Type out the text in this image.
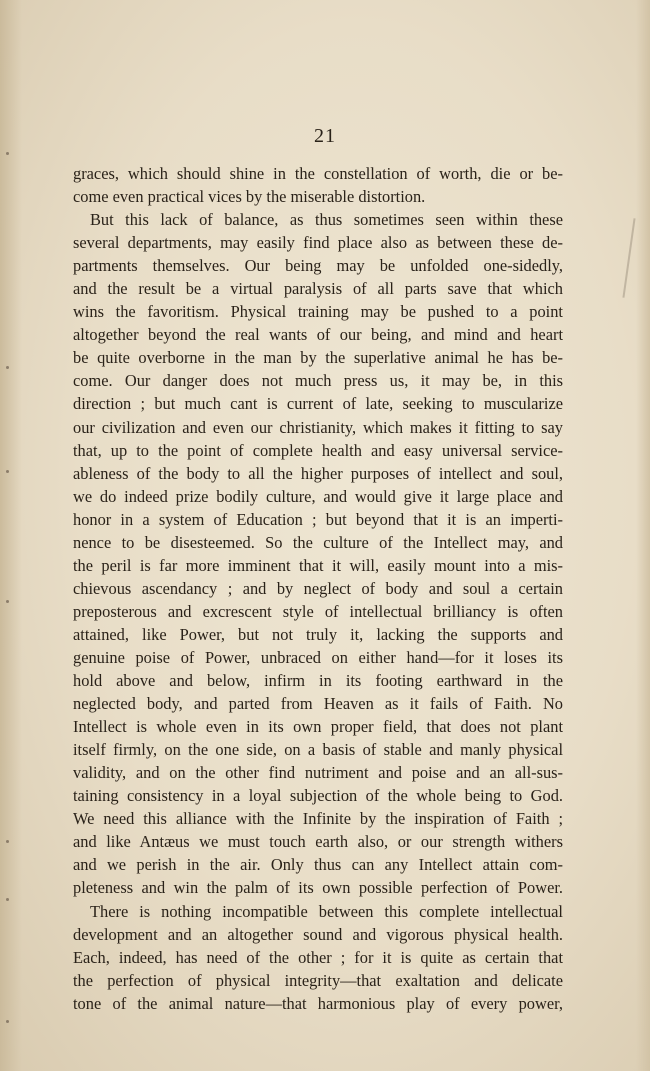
21
graces, which should shine in the constellation of worth, die or be-
come even practical vices by the miserable distortion.
But this lack of balance, as thus sometimes seen within these
several departments, may easily find place also as between these de-
partments themselves. Our being may be unfolded one-sidedly,
and the result be a virtual paralysis of all parts save that which
wins the favoritism. Physical training may be pushed to a point
altogether beyond the real wants of our being, and mind and heart
be quite overborne in the man by the superlative animal he has be-
come. Our danger does not much press us, it may be, in this
direction ; but much cant is current of late, seeking to muscularize
our civilization and even our christianity, which makes it fitting to say
that, up to the point of complete health and easy universal service-
ableness of the body to all the higher purposes of intellect and soul,
we do indeed prize bodily culture, and would give it large place and
honor in a system of Education ; but beyond that it is an imperti-
nence to be disesteemed. So the culture of the Intellect may, and
the peril is far more imminent that it will, easily mount into a mis-
chievous ascendancy ; and by neglect of body and soul a certain
preposterous and excrescent style of intellectual brilliancy is often
attained, like Power, but not truly it, lacking the supports and
genuine poise of Power, unbraced on either hand—for it loses its
hold above and below, infirm in its footing earthward in the
neglected body, and parted from Heaven as it fails of Faith. No
Intellect is whole even in its own proper field, that does not plant
itself firmly, on the one side, on a basis of stable and manly physical
validity, and on the other find nutriment and poise and an all-sus-
taining consistency in a loyal subjection of the whole being to God.
We need this alliance with the Infinite by the inspiration of Faith ;
and like Antæus we must touch earth also, or our strength withers
and we perish in the air. Only thus can any Intellect attain com-
pleteness and win the palm of its own possible perfection of Power.
There is nothing incompatible between this complete intellectual
development and an altogether sound and vigorous physical health.
Each, indeed, has need of the other ; for it is quite as certain that
the perfection of physical integrity—that exaltation and delicate
tone of the animal nature—that harmonious play of every power,
